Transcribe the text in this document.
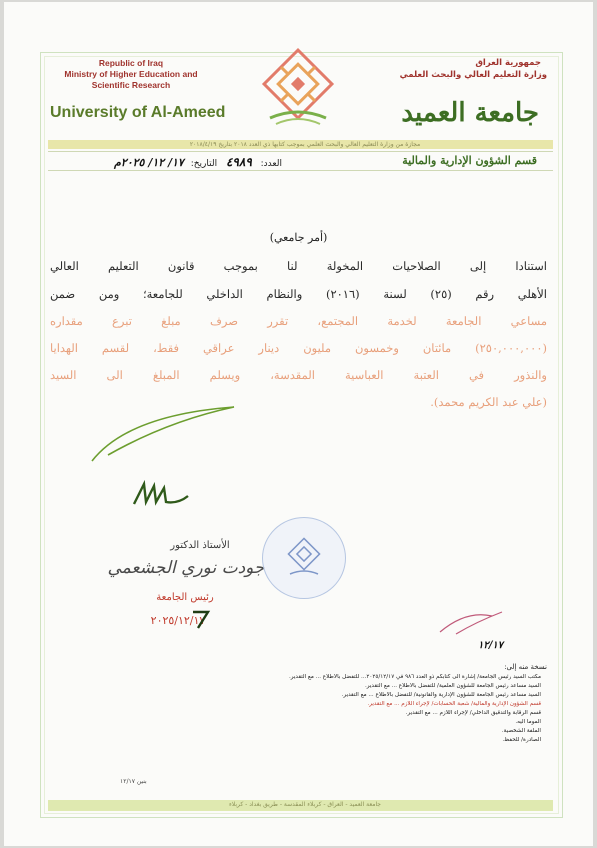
Republic of Iraq
Ministry of Higher Education and
Scientific Research
University of Al-Ameed
جمهورية العراق
وزارة التعليم العالي والبحث العلمي
جامعة العميد
مجازة من وزارة التعليم العالي والبحث العلمي بموجب كتابها ذي العدد ٢٠١٨ بتاريخ ٢٠١٨/٤/١٩
العدد: ٤٩٨٩ التاريخ: ١٧/ ١٢/ ٢٠٢٥م	قسم الشؤون الإدارية والمالية
(أمر جامعي)
استنادا إلى الصلاحيات المخولة لنا بموجب قانون التعليم العالي
الأهلي رقم (٢٥) لسنة (٢٠١٦) والنظام الداخلي للجامعة؛ ومن ضمن
مساعي الجامعة لخدمة المجتمع، تقرر صرف مبلغ تبرع مقداره
(٢٥٠,٠٠٠,٠٠٠) مائتان وخمسون مليون دينار عراقي فقط، لقسم الهدايا
والنذور في العتبة العباسية المقدسة، ويسلم المبلغ الى السيد
(علي عبد الكريم محمد).
الأستاذ الدكتور
جودت نوري الجشعمي
رئيس الجامعة
٢٠٢٥/١٢/١٧
١٢/١٧
نسخة منه إلى:
مكتب السيد رئيس الجامعة/ إشارة الى كتابكم ذو العدد ٩٨٦ في ٢٠٢٥/١٢/١٧... للتفضل بالاطلاع ... مع التقدير.
السيد مساعد رئيس الجامعة للشؤون العلمية/ للتفضل بالاطلاع ... مع التقدير.
السيد مساعد رئيس الجامعة للشؤون الإدارية والقانونية/ للتفضل بالاطلاع ... مع التقدير.
قسم الشؤون الإدارية والمالية/ شعبة الحسابات/ لإجراء اللازم ... مع التقدير.
قسم الرقابة والتدقيق الداخلي/ لإجراء اللازم ... مع التقدير.
الموما اليه.
الملفة الشخصية.
الصادرة/ للحفظ.
بنين ١٢/١٧
جامعة العميد - العراق - كربلاء المقدسة - طريق بغداد - كربلاء
